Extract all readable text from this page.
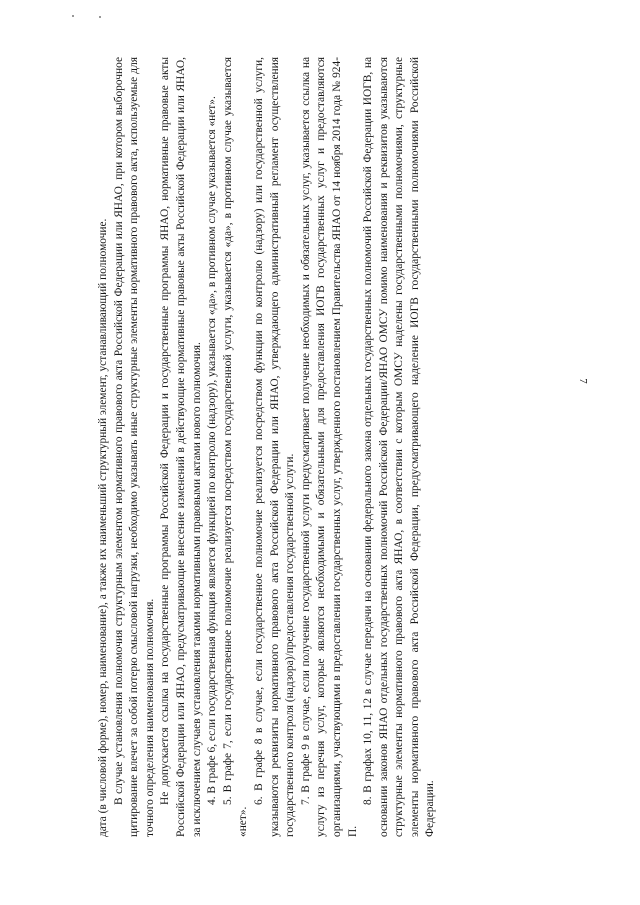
7

дата (в числовой форме), номер, наименование), а также их наименьший структурный элемент, устанавливающий полномочие. В случае установления полномочия структурным элементом нормативного правового акта Российской Федерации или ЯНАО, при котором выборочное цитирование влечет за собой потерю смысловой нагрузки, необходимо указывать иные структурные элементы нормативного правового акта, используемые для точного определения наименования полномочия. Не допускается ссылка на государственные программы Российской Федерации и государственные программы ЯНАО, нормативные правовые акты Российской Федерации или ЯНАО, предусматривающие внесение изменений в действующие нормативные правовые акты Российской Федерации или ЯНАО, за исключением случаев установления такими нормативными правовыми актами нового полномочия. 4. В графе 6, если государственная функция является функцией по контролю (надзору), указывается «да», в противном случае указывается «нет». 5. В графе 7, если государственное полномочие реализуется посредством государственной услуги, указывается «да», в противном случае указывается «нет».

6. В графе 8 в случае, если государственное полномочие реализуется посредством функции по контролю (надзору) или государственной услуги, указываются реквизиты нормативного правового акта Российской Федерации или ЯНАО, утверждающего административный регламент осуществления государственного контроля (надзора)/предоставления государственной услуги. 7. В графе 9 в случае, если получение государственной услуги предусматривает получение необходимых и обязательных услуг, указывается ссылка на услугу из перечня услуг, которые являются необходимыми и обязательными для предоставления ИОГВ государственных услуг и предоставляются организациями, участвующими в предоставлении государственных услуг, утвержденного постановлением Правительства ЯНАО от 14 ноября 2014 года № 924-П.

8. В графах 10, 11, 12 в случае передачи на основании федерального закона отдельных государственных полномочий Российской Федерации ИОГВ, на основании законов ЯНАО отдельных государственных полномочий Российской Федерации/ЯНАО ОМСУ помимо наименования и реквизитов указываются структурные элементы нормативного правового акта ЯНАО, в соответствии с которым ОМСУ наделены государственными полномочиями, структурные элементы нормативного правового акта Российской Федерации, предусматривающего наделение ИОГВ государственными полномочиями Российской Федерации.
